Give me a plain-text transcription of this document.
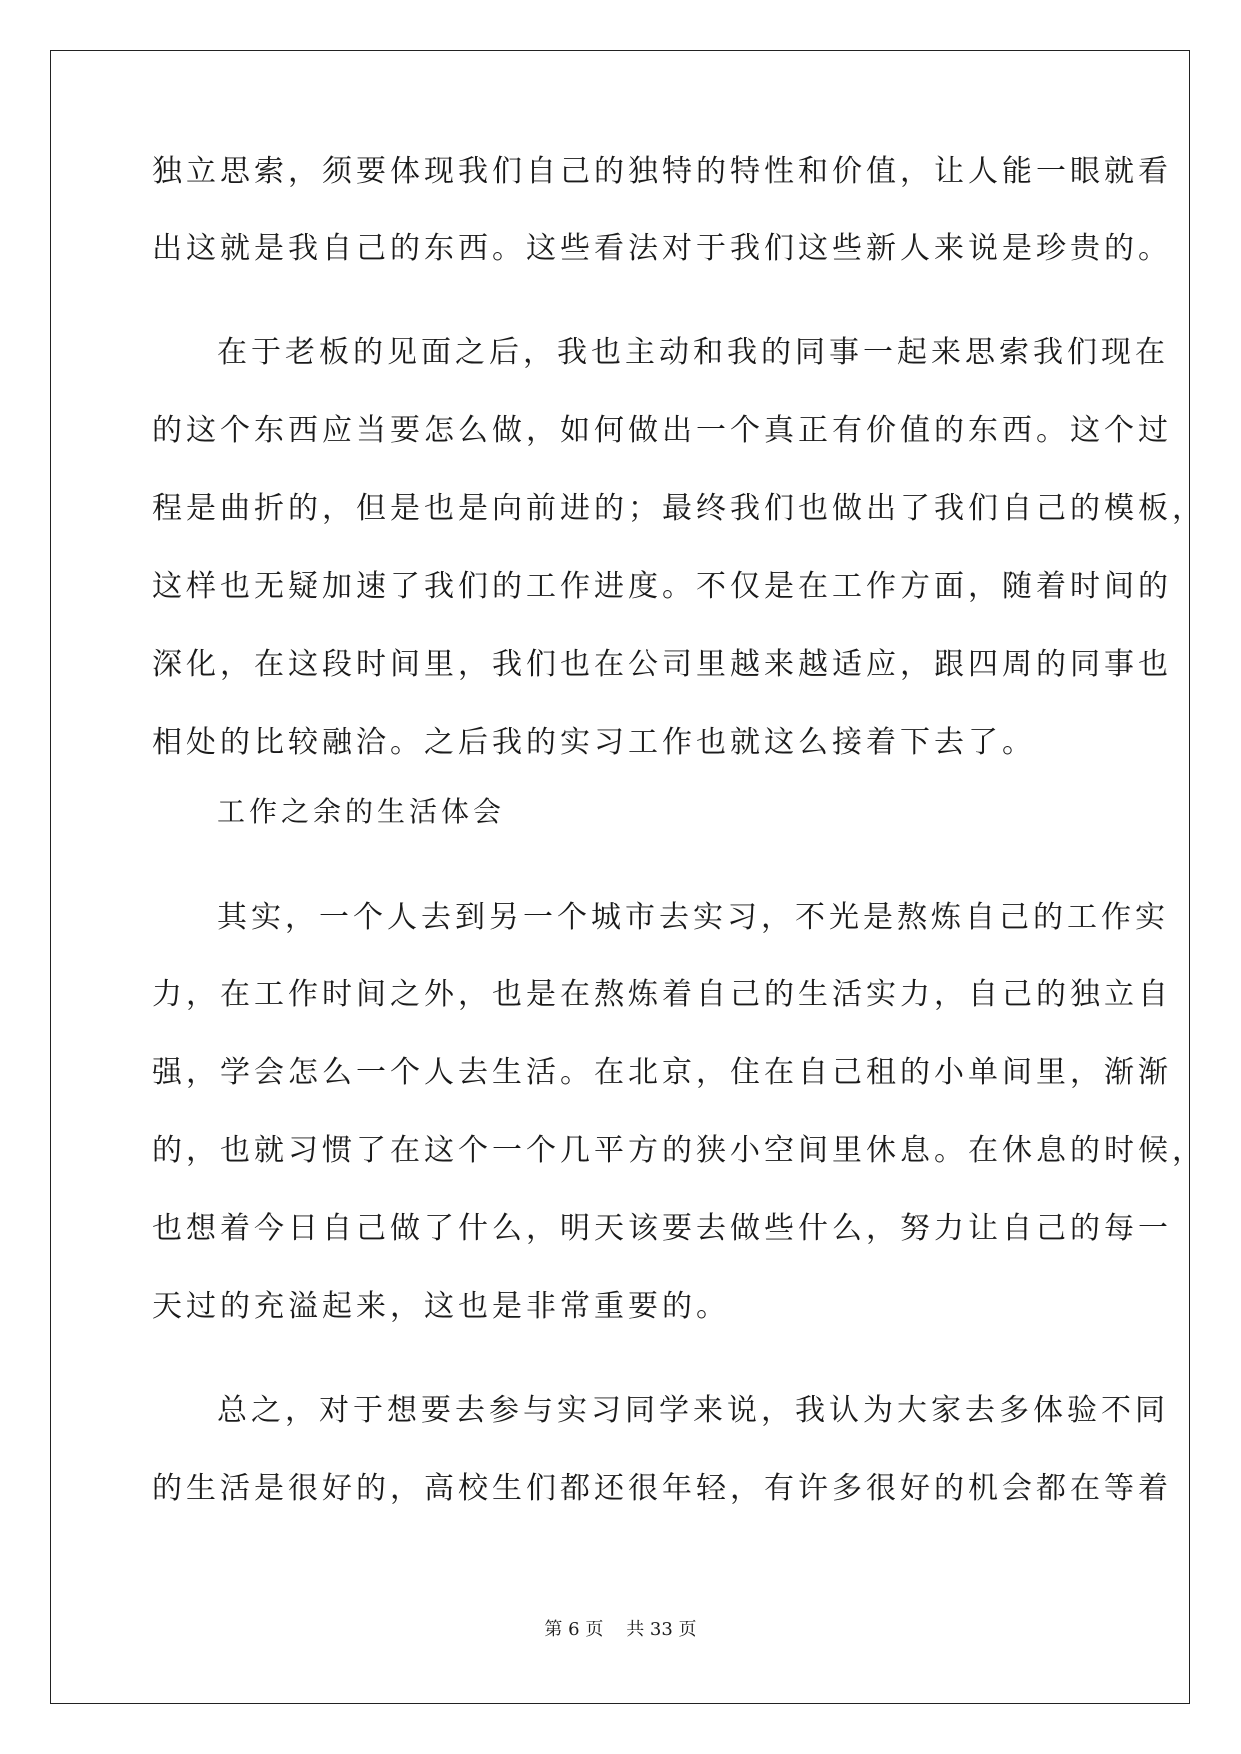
独立思索，须要体现我们自己的独特的特性和价值，让人能一眼就看
出这就是我自己的东西。这些看法对于我们这些新人来说是珍贵的。
在于老板的见面之后，我也主动和我的同事一起来思索我们现在
的这个东西应当要怎么做，如何做出一个真正有价值的东西。这个过
程是曲折的，但是也是向前进的；最终我们也做出了我们自己的模板，
这样也无疑加速了我们的工作进度。不仅是在工作方面，随着时间的
深化，在这段时间里，我们也在公司里越来越适应，跟四周的同事也
相处的比较融洽。之后我的实习工作也就这么接着下去了。
工作之余的生活体会
其实，一个人去到另一个城市去实习，不光是熬炼自己的工作实
力，在工作时间之外，也是在熬炼着自己的生活实力，自己的独立自
强，学会怎么一个人去生活。在北京，住在自己租的小单间里，渐渐
的，也就习惯了在这个一个几平方的狭小空间里休息。在休息的时候，
也想着今日自己做了什么，明天该要去做些什么，努力让自己的每一
天过的充溢起来，这也是非常重要的。
总之，对于想要去参与实习同学来说，我认为大家去多体验不同
的生活是很好的，高校生们都还很年轻，有许多很好的机会都在等着
第 6 页    共 33 页
